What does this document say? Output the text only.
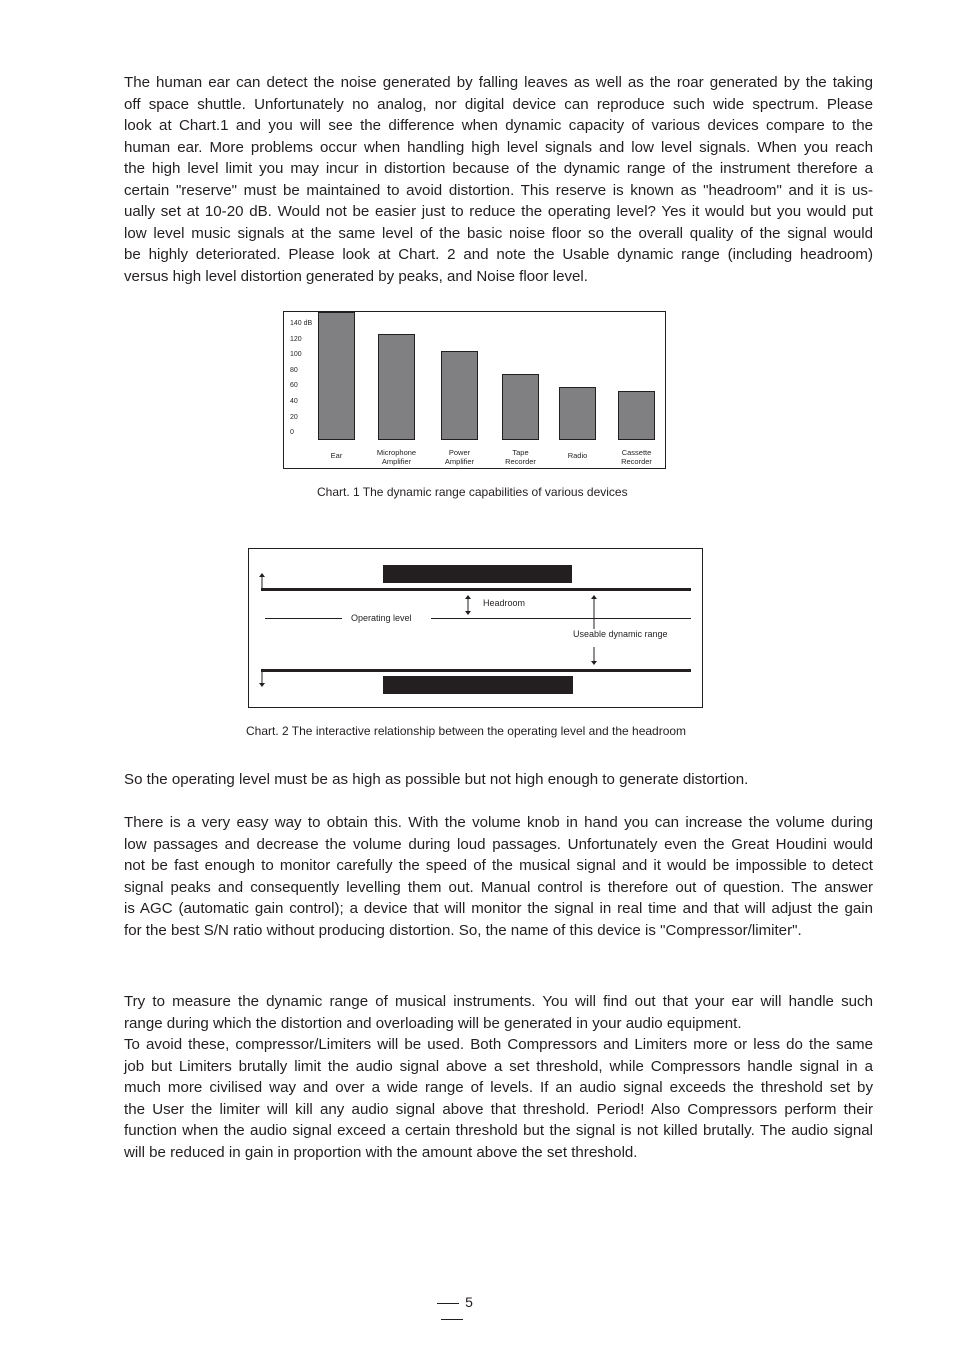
The human ear can detect the noise generated by falling leaves as well as the roar generated by the taking
off space shuttle. Unfortunately no analog, nor digital device can reproduce such wide spectrum. Please
look at Chart.1 and you will see the difference when dynamic capacity of various devices compare to the
human ear. More problems occur when handling high level signals and low level signals. When you reach
the high level limit you may incur in distortion because of the dynamic range of the instrument therefore a
certain "reserve" must be maintained to avoid distortion. This reserve is known as "headroom" and it is us-
ually set at 10-20 dB. Would not be easier just to reduce the operating level? Yes it would but you would put
low level music signals at the same level of the basic noise floor so the overall quality of the signal would
be highly deteriorated. Please look at Chart. 2 and note the Usable dynamic range (including headroom)
versus high level distortion generated by peaks, and Noise floor level.
140 dB
120
100
80
60
40
20
0
Ear	Microphone
Amplifier
Power
Amplifier
Tape
Recorder
Radio	Cassette
Recorder
Chart. 1 The dynamic range capabilities of various devices
Operating level
Headroom
Useable dynamic range
Chart. 2 The interactive relationship between the operating level and the headroom
So the operating level must be as high as possible but not high enough to generate distortion.
There is a very easy way to obtain this. With the volume knob in hand you can increase the volume during
low passages and decrease the volume during loud passages. Unfortunately even the Great Houdini would
not be fast enough to monitor carefully the speed of the musical signal and it would be impossible to detect
signal peaks and consequently levelling them out. Manual control is therefore out of question. The answer
is AGC (automatic gain control); a device that will monitor the signal in real time and that will adjust the gain
for the best S/N ratio without producing distortion. So, the name of this device is "Compressor/limiter".
Try to measure the dynamic range of musical instruments. You will find out that your ear will handle such
range during which the distortion and overloading will be generated in your audio equipment.
To avoid these, compressor/Limiters will be used. Both Compressors and Limiters more or less do the same
job but Limiters brutally limit the audio signal above a set threshold, while Compressors handle signal in a
much more civilised way and over a wide range of levels. If an audio signal exceeds the threshold set by
the User the limiter will kill any audio signal above that threshold. Period! Also Compressors perform their
function when the audio signal exceed a certain threshold but the signal is not killed brutally. The audio signal
will be reduced in gain in proportion with the amount above the set threshold.
5
